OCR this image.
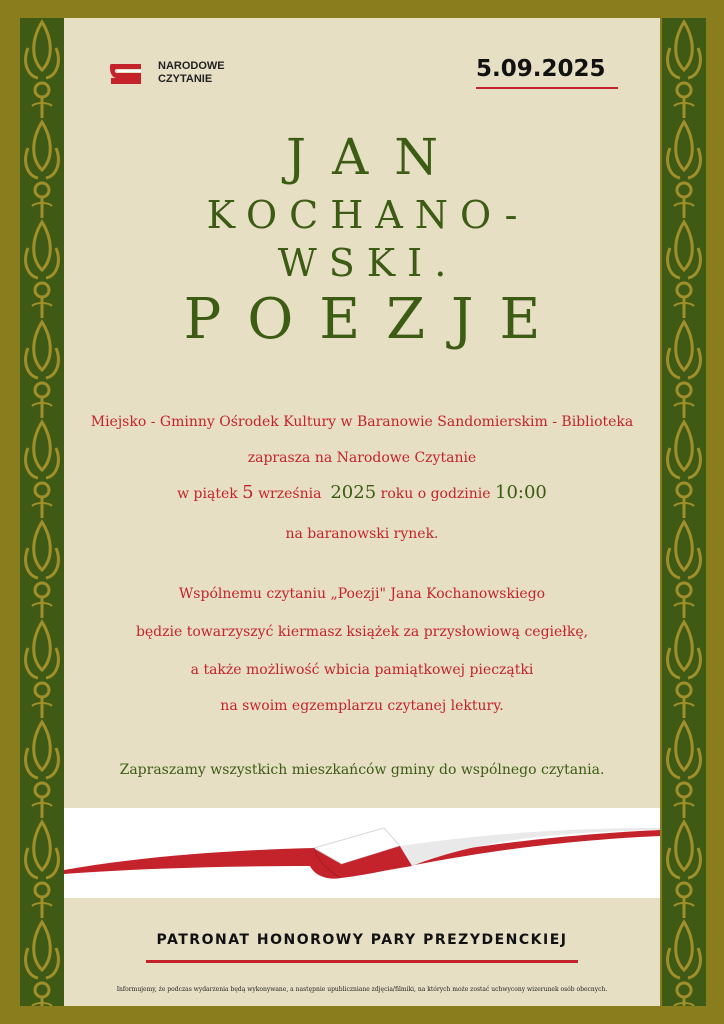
NARODOWE
CZYTANIE	5.09.2025
JAN
KOCHANO-
WSKI.
POEZJE
Miejsko - Gminny Ośrodek Kultury w Baranowie Sandomierskim - Biblioteka
zaprasza na Narodowe Czytanie
w piątek 5 września 2025 roku o godzinie 10:00
na baranowski rynek.
Wspólnemu czytaniu „Poezji" Jana Kochanowskiego
będzie towarzyszyć kiermasz książek za przysłowiową cegiełkę,
a także możliwość wbicia pamiątkowej pieczątki
na swoim egzemplarzu czytanej lektury.
Zapraszamy wszystkich mieszkańców gminy do wspólnego czytania.
PATRONAT HONOROWY PARY PREZYDENCKIEJ
Informujemy, że podczas wydarzenia będą wykonywane, a następnie upubliczniane zdjęcia/filmiki, na których może zostać uchwycony wizerunek osób obecnych.
